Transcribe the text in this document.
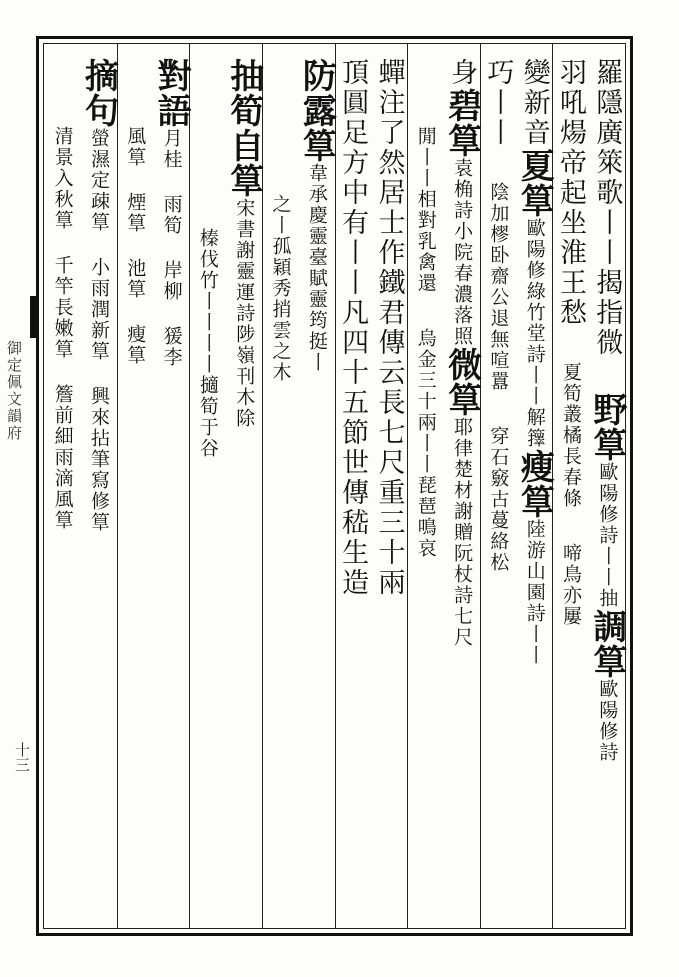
御定佩文韻府
十三
羅隱廣箂歌丨丨揭指微
野筸
歐陽修詩丨丨抽
調筸
歐陽修詩
羽吼煬帝起坐淮王愁
夏筍叢橘長春條
啼鳥亦屢
變新音
夏筸
歐陽修綠竹堂詩丨丨解籜
瘦筸
陸游山園詩丨丨
巧丨丨
陰加樛卧齋公退無喧囂
穿石竅古蔓絡松
身
碧筸
袁桷詩小院春濃落照
微筸
耶律楚材謝贈阮杖詩七尺
閒丨丨相對乳禽還
烏金三十兩丨丨琵琶鳴哀
蟬注了然居士作鐵君傳云長七尺重三十兩
頂圓足方中有丨丨凡四十五節世傳嵇生造
防露筸
韋承慶靈臺賦靈筠挺丨
之丨孤穎秀捎雲之木
抽筍自筸
宋書謝靈運詩陟嶺刊木除
榛伐竹丨丨丨丨擿筍于谷
對語
月桂 雨筍 岸柳 猨李
風筸 煙筸 池筸 瘦筸
摘句
螢濕定疎筸 小雨潤新筸 興來拈筆寫修筸
清景入秋筸 千竿長嫩筸 簷前細雨滴風筸
